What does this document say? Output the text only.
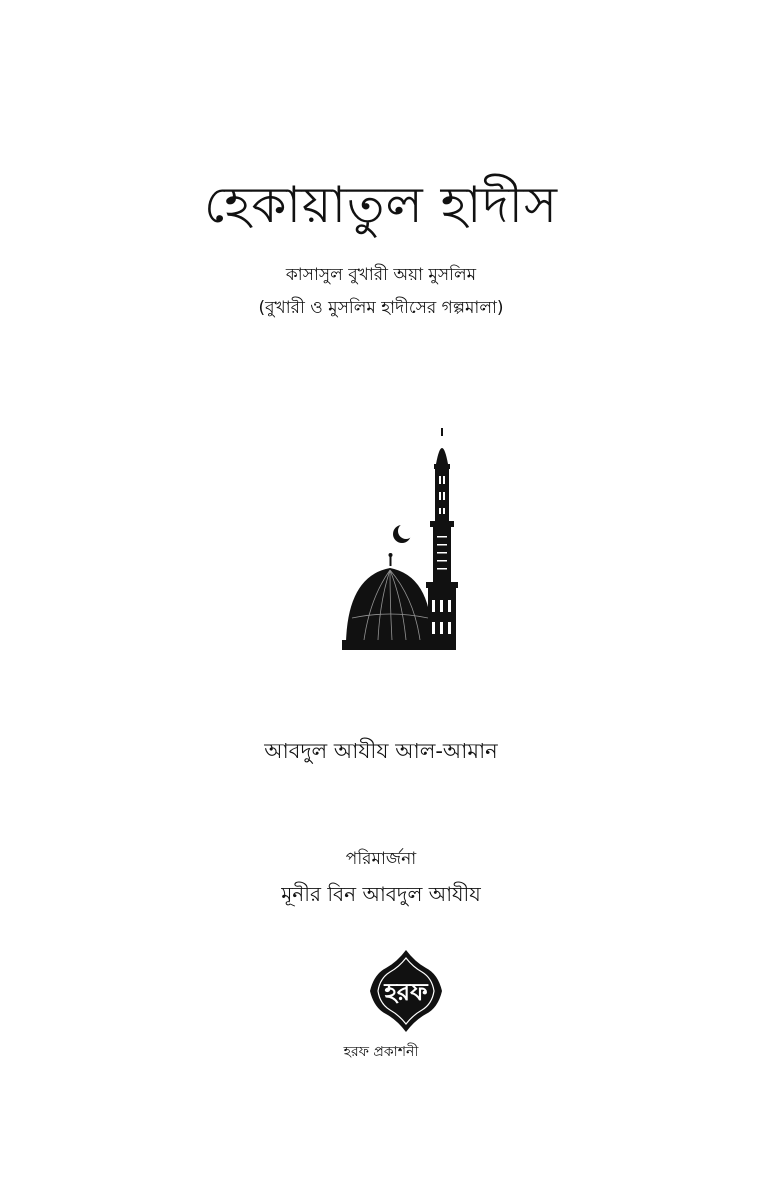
হেকায়াতুল হাদীস
কাসাসুল বুখারী অয়া মুসলিম
(বুখারী ও মুসলিম হাদীসের গল্পমালা)
আবদুল আযীয আল-আমান
পরিমার্জনা
মূনীর বিন আবদুল আযীয
হরফ
হরফ প্রকাশনী
